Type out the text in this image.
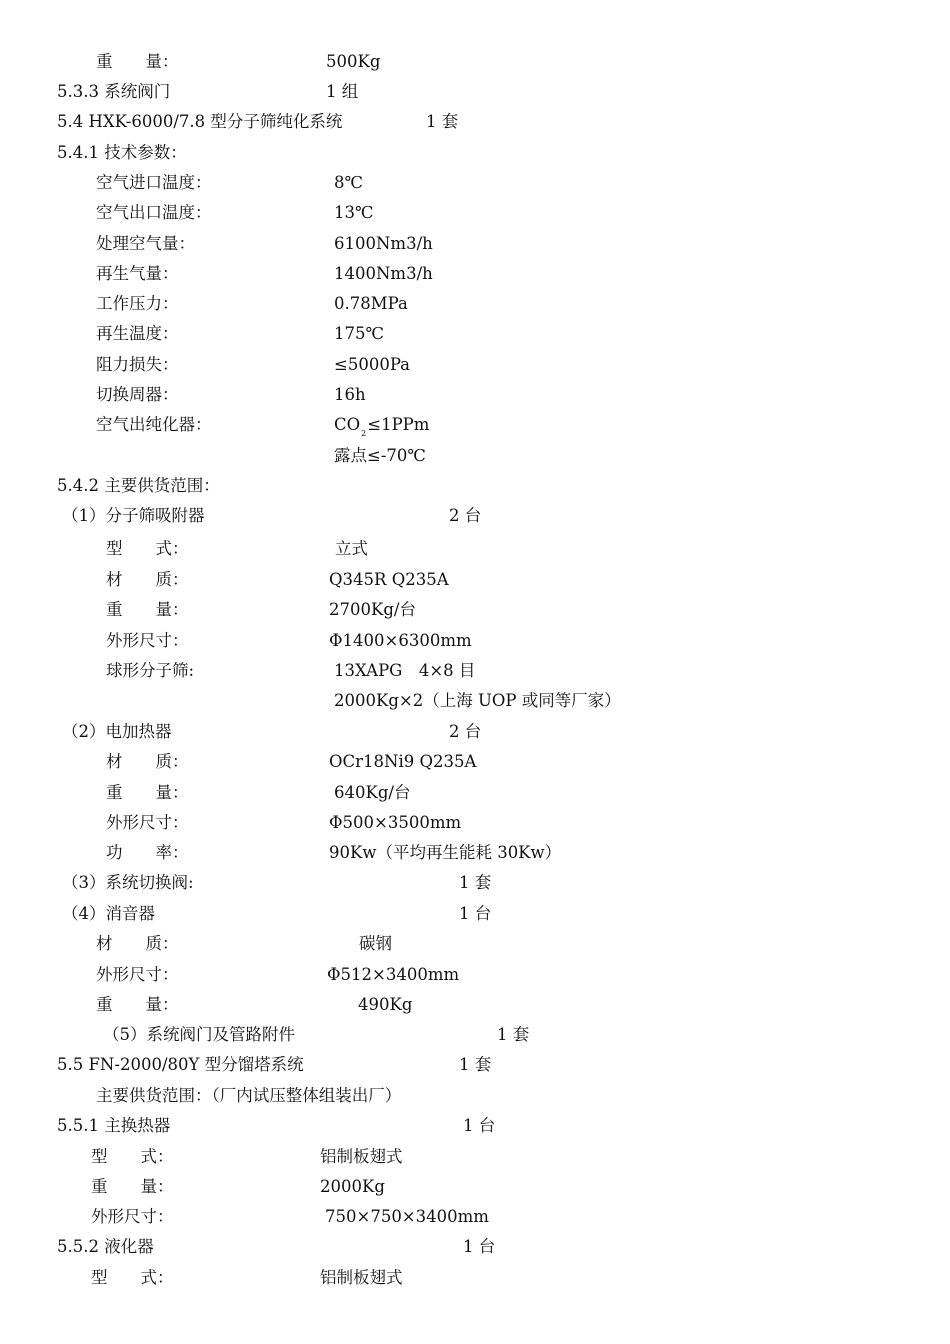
重　　量：	500Kg
5.3.3 系统阀门	1 组
5.4 HXK-6000/7.8 型分子筛纯化系统	1 套
5.4.1 技术参数：
空气进口温度：	8℃
空气出口温度：	13℃
处理空气量：	6100Nm3/h
再生气量：	1400Nm3/h
工作压力：	0.78MPa
再生温度：	175℃
阻力损失：	≤5000Pa
切换周器：	16h
空气出纯化器：	$CO_2\le 1PPm$
露点≤-70℃
5.4.2 主要供货范围：
（1）分子筛吸附器	2 台
型　　式：	立式
材　　质：	Q345R Q235A
重　　量：	2700Kg/台
外形尺寸：	Φ1400×6300mm
球形分子筛:	13XAPG　4×8 目
2000Kg×2（上海 UOP 或同等厂家）
（2）电加热器	2 台
材　　质：	OCr18Ni9 Q235A
重　　量：	640Kg/台
外形尺寸：	Φ500×3500mm
功　　率：	90Kw（平均再生能耗 30Kw）
（3）系统切换阀:	1 套
（4）消音器	1 台
材　　质：	碳钢
外形尺寸：	Φ512×3400mm
重　　量：	490Kg
（5）系统阀门及管路附件	1 套
5.5 FN-2000/80Y 型分馏塔系统	1 套
主要供货范围：（厂内试压整体组装出厂）
5.5.1 主换热器	1 台
型　　式：	铝制板翅式
重　　量：	2000Kg
外形尺寸：	750×750×3400mm
5.5.2 液化器	1 台
型　　式：	铝制板翅式
